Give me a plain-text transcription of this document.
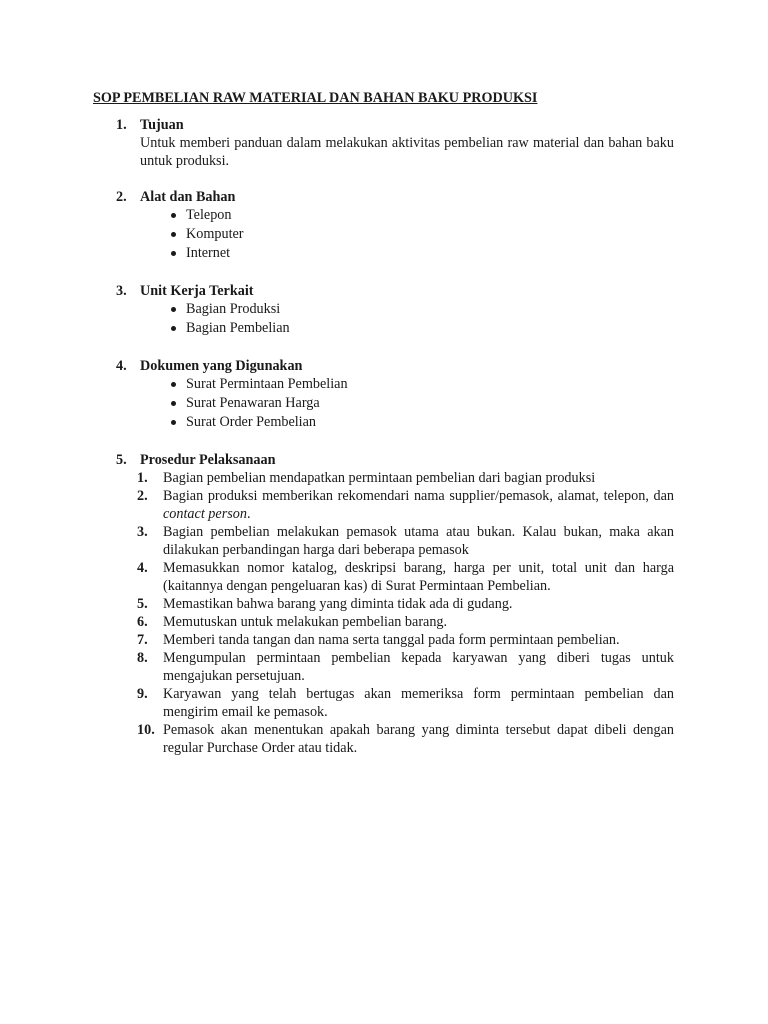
SOP PEMBELIAN RAW MATERIAL DAN BAHAN BAKU PRODUKSI
1. Tujuan
Untuk memberi panduan dalam melakukan aktivitas pembelian raw material dan bahan baku untuk produksi.
2. Alat dan Bahan
Telepon
Komputer
Internet
3. Unit Kerja Terkait
Bagian Produksi
Bagian Pembelian
4. Dokumen yang Digunakan
Surat Permintaan Pembelian
Surat Penawaran Harga
Surat Order Pembelian
5. Prosedur Pelaksanaan
1. Bagian pembelian mendapatkan permintaan pembelian dari bagian produksi
2. Bagian produksi memberikan rekomendari nama supplier/pemasok, alamat, telepon, dan contact person.
3. Bagian pembelian melakukan pemasok utama atau bukan. Kalau bukan, maka akan dilakukan perbandingan harga dari beberapa pemasok
4. Memasukkan nomor katalog, deskripsi barang, harga per unit, total unit dan harga (kaitannya dengan pengeluaran kas) di Surat Permintaan Pembelian.
5. Memastikan bahwa barang yang diminta tidak ada di gudang.
6. Memutuskan untuk melakukan pembelian barang.
7. Memberi tanda tangan dan nama serta tanggal pada form permintaan pembelian.
8. Mengumpulan permintaan pembelian kepada karyawan yang diberi tugas untuk mengajukan persetujuan.
9. Karyawan yang telah bertugas akan memeriksa form permintaan pembelian dan mengirim email ke pemasok.
10. Pemasok akan menentukan apakah barang yang diminta tersebut dapat dibeli dengan regular Purchase Order atau tidak.
